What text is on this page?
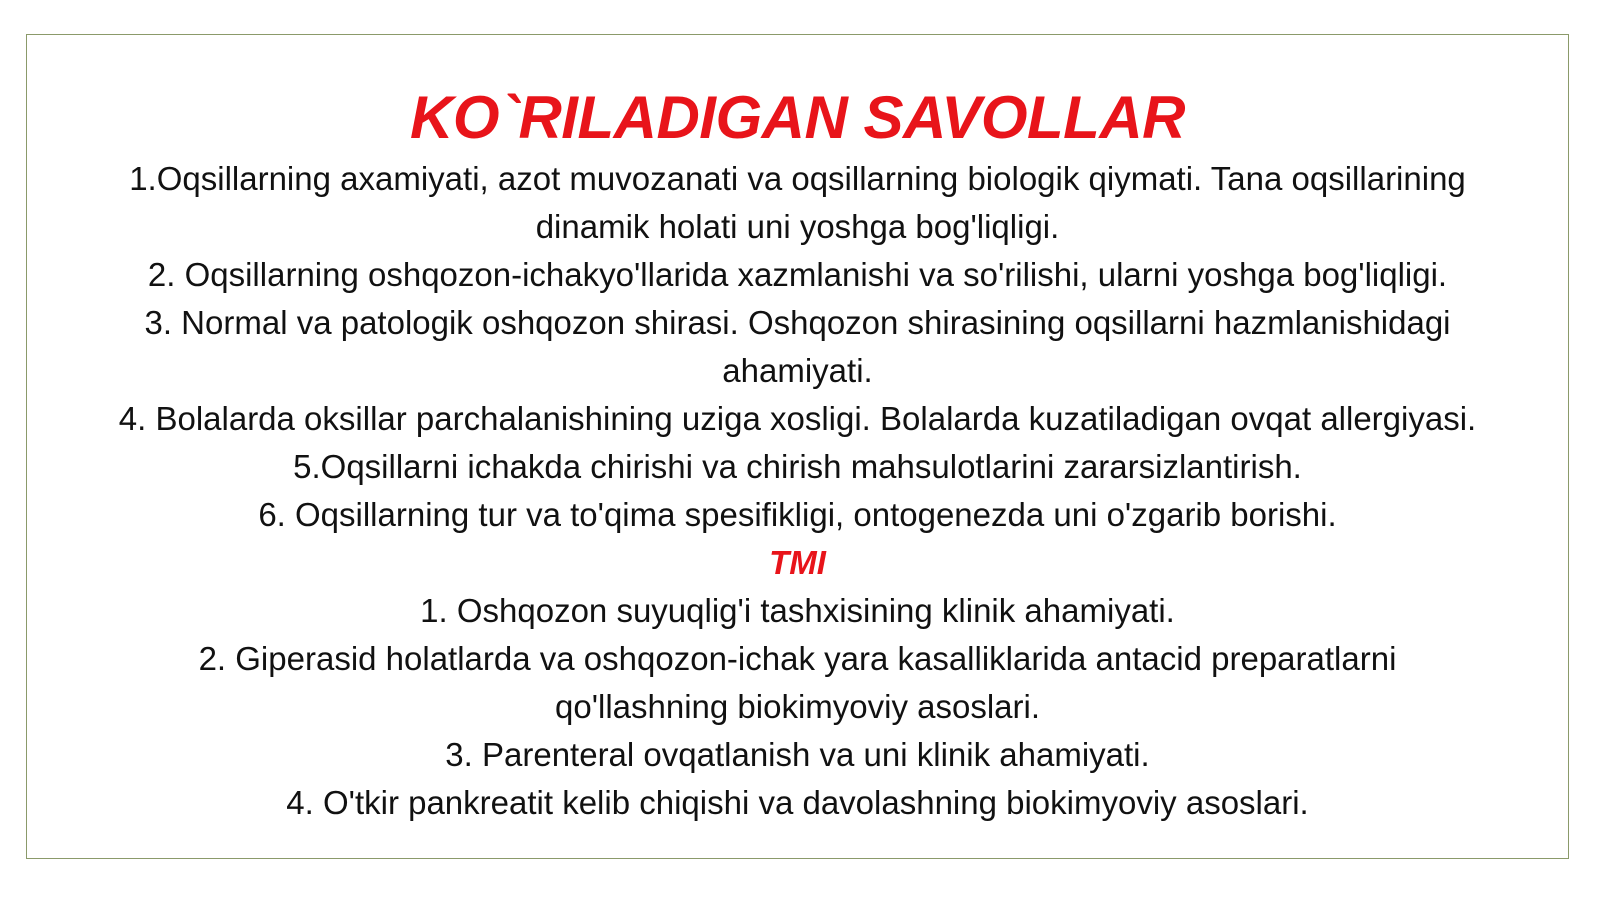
KO`RILADIGAN SAVOLLAR
1.Oqsillarning axamiyati, azot muvozanati va oqsillarning biologik qiymati. Tana oqsillarining
dinamik holati uni yoshga bog'liqligi.
2. Oqsillarning oshqozon-ichakyo'llarida xazmlanishi va so'rilishi, ularni yoshga bog'liqligi.
3. Normal va patologik oshqozon shirasi. Oshqozon shirasining oqsillarni hazmlanishidagi
ahamiyati.
4. Bolalarda oksillar parchalanishining uziga xosligi. Bolalarda kuzatiladigan ovqat allergiyasi.
5.Oqsillarni ichakda chirishi va chirish mahsulotlarini zararsizlantirish.
6. Oqsillarning tur va to'qima spesifikligi, ontogenezda uni o'zgarib borishi.
TMI
1. Oshqozon suyuqlig'i tashxisining klinik ahamiyati.
2. Giperasid holatlarda va oshqozon-ichak yara kasalliklarida antacid preparatlarni
qo'llashning biokimyoviy asoslari.
3. Parenteral ovqatlanish va uni klinik ahamiyati.
4. O'tkir pankreatit kelib chiqishi va davolashning biokimyoviy asoslari.
